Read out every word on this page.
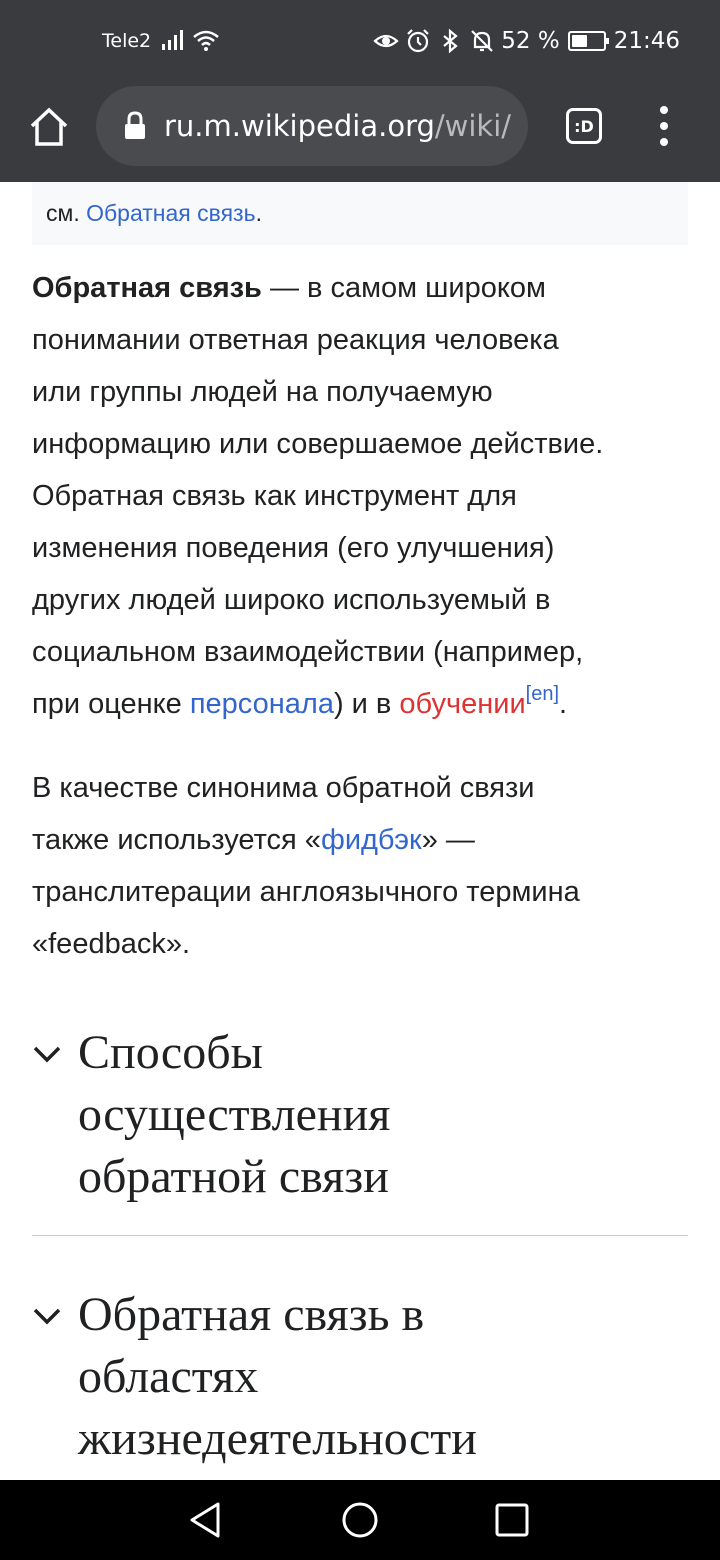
Tele2	52 % 21:46
ru.m.wikipedia.org /wiki/	:D
см. Обратная связь.
Обратная связь — в самом широком
понимании ответная реакция человека
или группы людей на получаемую
информацию или совершаемое действие.
Обратная связь как инструмент для
изменения поведения (его улучшения)
других людей широко используемый в
социальном взаимодействии (например,
при оценке персонала) и в обучении[en].
В качестве синонима обратной связи
также используется «фидбэк» —
транслитерации англоязычного термина
«feedback».
Способы
осуществления
обратной связи
Обратная связь в
областях
жизнедеятельности
